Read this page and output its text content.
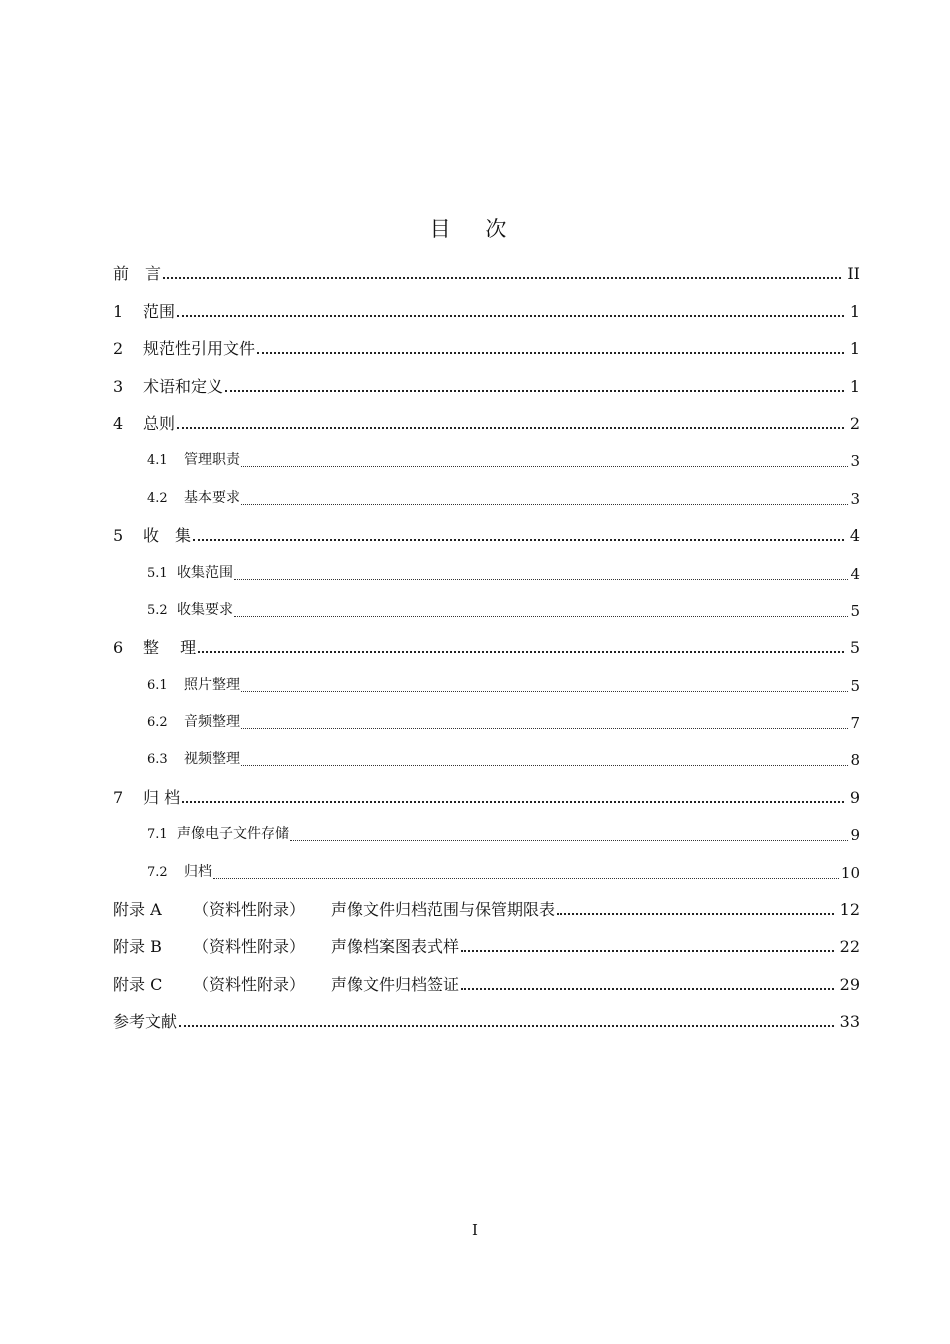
目 次
前　言	II
1 范围	1
2 规范性引用文件	1
3 术语和定义	1
4 总则	2
4.1 管理职责	3
4.2 基本要求	3
5 收　集	4
5.1 收集范围	4
5.2 收集要求	5
6 整　 理	5
6.1 照片整理	5
6.2 音频整理	7
6.3 视频整理	8
7 归 档	9
7.1 声像电子文件存储	9
7.2 归档	10
附录 A （资料性附录） 声像文件归档范围与保管期限表	12
附录 B （资料性附录） 声像档案图表式样	22
附录 C （资料性附录） 声像文件归档签证	29
参考文献	33
I
